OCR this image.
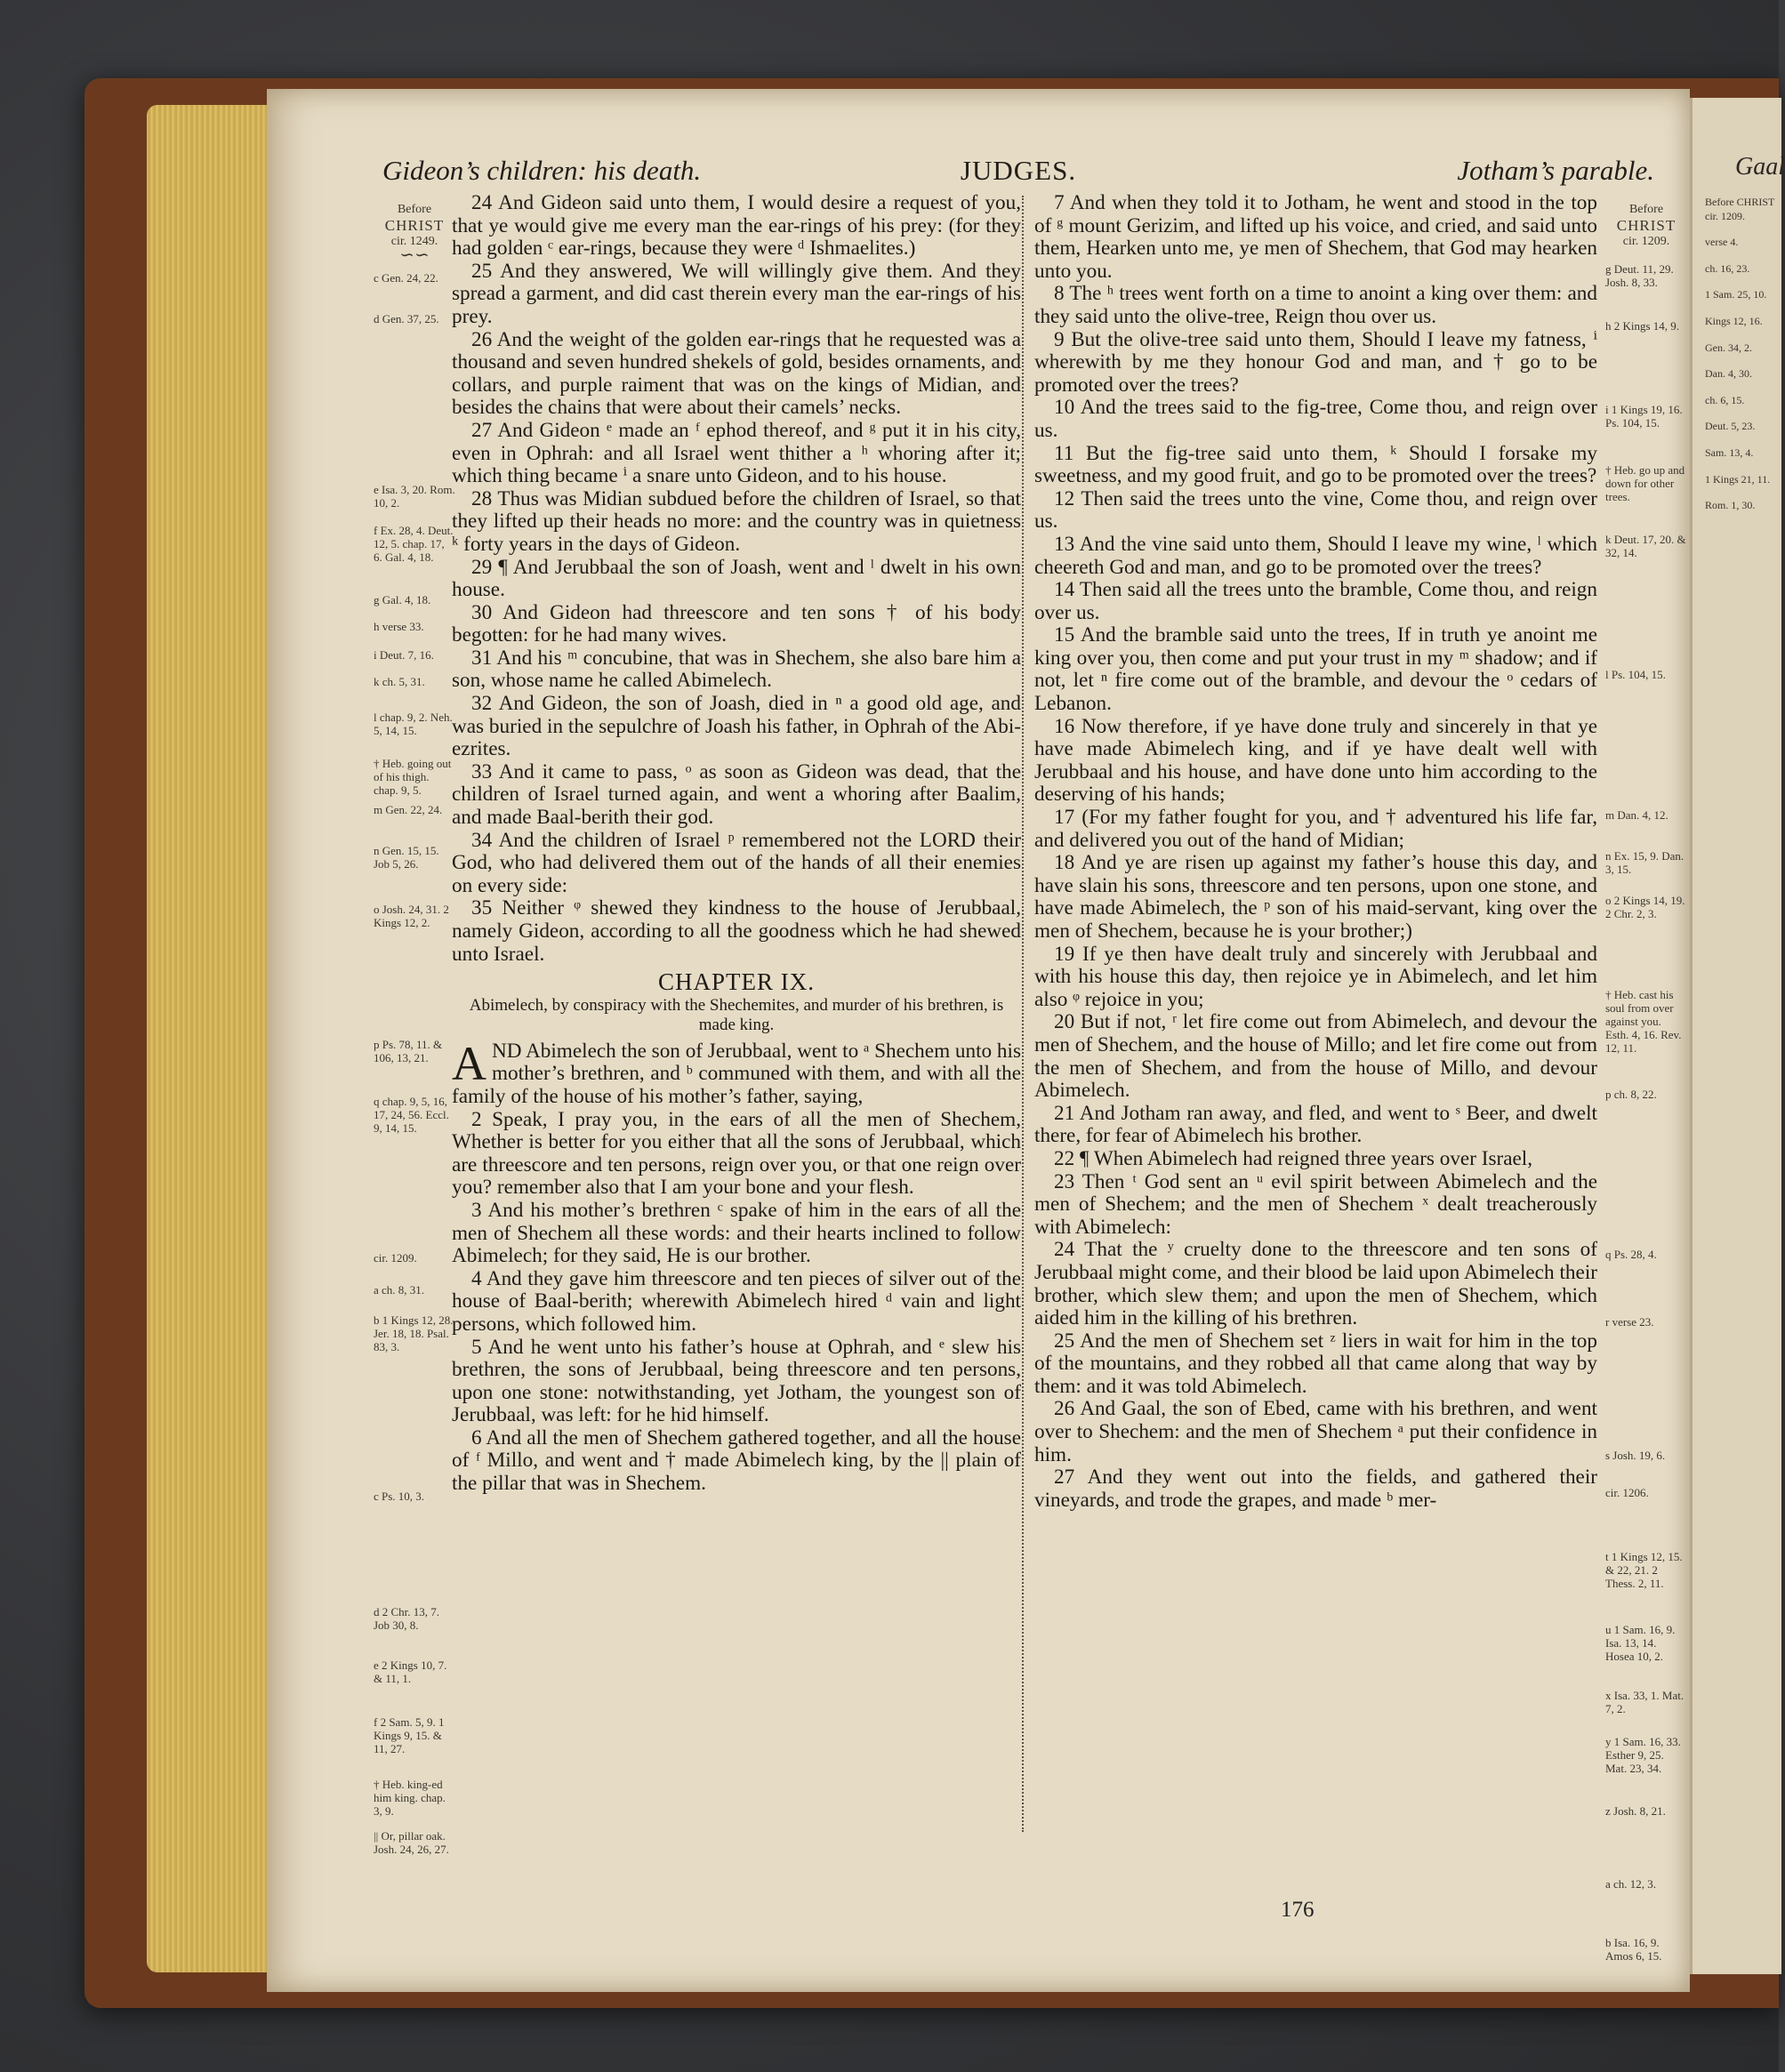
Gaal
Before CHRIST cir. 1209.
verse 4.
ch. 16, 23.
1 Sam. 25, 10.
Kings 12, 16.
Gen. 34, 2.
Dan. 4, 30.
ch. 6, 15.
Deut. 5, 23.
Sam. 13, 4.
1 Kings 21, 11.
Rom. 1, 30.
Gideon’s children: his death.	JUDGES.	Jotham’s parable.
Before
CHRIST
cir. 1249.
∽∽
c Gen. 24, 22.
d Gen. 37, 25.
e Isa. 3, 20. Rom. 10, 2.
f Ex. 28, 4. Deut. 12, 5. chap. 17, 6. Gal. 4, 18.
g Gal. 4, 18.
h verse 33.
i Deut. 7, 16.
k ch. 5, 31.
l chap. 9, 2. Neh. 5, 14, 15.
† Heb. going out of his thigh. chap. 9, 5.
m Gen. 22, 24.
n Gen. 15, 15. Job 5, 26.
o Josh. 24, 31. 2 Kings 12, 2.
p Ps. 78, 11. & 106, 13, 21.
q chap. 9, 5, 16, 17, 24, 56. Eccl. 9, 14, 15.
cir. 1209.
a ch. 8, 31.
b 1 Kings 12, 28. Jer. 18, 18. Psal. 83, 3.
c Ps. 10, 3.
d 2 Chr. 13, 7. Job 30, 8.
e 2 Kings 10, 7. & 11, 1.
f 2 Sam. 5, 9. 1 Kings 9, 15. & 11, 27.
† Heb. king-ed him king. chap. 3, 9.
|| Or, pillar oak. Josh. 24, 26, 27.

24 And Gideon said unto them, I would desire a request of you, that ye would give me every man the ear-rings of his prey: (for they had golden ᶜ ear-rings, because they were ᵈ Ishmaelites.)

25 And they answered, We will willingly give them. And they spread a garment, and did cast therein every man the ear-rings of his prey.

26 And the weight of the golden ear-rings that he requested was a thousand and seven hundred shekels of gold, besides ornaments, and collars, and purple raiment that was on the kings of Midian, and besides the chains that were about their camels’ necks.

27 And Gideon ᵉ made an ᶠ ephod thereof, and ᵍ put it in his city, even in Ophrah: and all Israel went thither a ʰ whoring after it; which thing became ⁱ a snare unto Gideon, and to his house.

28 Thus was Midian subdued before the children of Israel, so that they lifted up their heads no more: and the country was in quietness ᵏ forty years in the days of Gideon.

29 ¶ And Jerubbaal the son of Joash, went and ˡ dwelt in his own house.

30 And Gideon had threescore and ten sons † of his body begotten: for he had many wives.

31 And his ᵐ concubine, that was in Shechem, she also bare him a son, whose name he called Abimelech.

32 And Gideon, the son of Joash, died in ⁿ a good old age, and was buried in the sepulchre of Joash his father, in Ophrah of the Abi-ezrites.

33 And it came to pass, ᵒ as soon as Gideon was dead, that the children of Israel turned again, and went a whoring after Baalim, and made Baal-berith their god.

34 And the children of Israel ᵖ remembered not the LORD their God, who had delivered them out of the hands of all their enemies on every side:

35 Neither ᵠ shewed they kindness to the house of Jerubbaal, namely Gideon, according to all the goodness which he had shewed unto Israel.

CHAPTER IX.
Abimelech, by conspiracy with the Shechemites, and murder of his brethren, is made king.

AND Abimelech the son of Jerubbaal, went to ᵃ Shechem unto his mother’s brethren, and ᵇ communed with them, and with all the family of the house of his mother’s father, saying,

2 Speak, I pray you, in the ears of all the men of Shechem, Whether is better for you either that all the sons of Jerubbaal, which are threescore and ten persons, reign over you, or that one reign over you? remember also that I am your bone and your flesh.

3 And his mother’s brethren ᶜ spake of him in the ears of all the men of Shechem all these words: and their hearts inclined to follow Abimelech; for they said, He is our brother.

4 And they gave him threescore and ten pieces of silver out of the house of Baal-berith; wherewith Abimelech hired ᵈ vain and light persons, which followed him.

5 And he went unto his father’s house at Ophrah, and ᵉ slew his brethren, the sons of Jerubbaal, being threescore and ten persons, upon one stone: notwithstanding, yet Jotham, the youngest son of Jerubbaal, was left: for he hid himself.

6 And all the men of Shechem gathered together, and all the house of ᶠ Millo, and went and † made Abimelech king, by the || plain of the pillar that was in Shechem.

7 And when they told it to Jotham, he went and stood in the top of ᵍ mount Gerizim, and lifted up his voice, and cried, and said unto them, Hearken unto me, ye men of Shechem, that God may hearken unto you.

8 The ʰ trees went forth on a time to anoint a king over them: and they said unto the olive-tree, Reign thou over us.

9 But the olive-tree said unto them, Should I leave my fatness, ⁱ wherewith by me they honour God and man, and † go to be promoted over the trees?

10 And the trees said to the fig-tree, Come thou, and reign over us.

11 But the fig-tree said unto them, ᵏ Should I forsake my sweetness, and my good fruit, and go to be promoted over the trees?

12 Then said the trees unto the vine, Come thou, and reign over us.

13 And the vine said unto them, Should I leave my wine, ˡ which cheereth God and man, and go to be promoted over the trees?

14 Then said all the trees unto the bramble, Come thou, and reign over us.

15 And the bramble said unto the trees, If in truth ye anoint me king over you, then come and put your trust in my ᵐ shadow; and if not, let ⁿ fire come out of the bramble, and devour the ᵒ cedars of Lebanon.

16 Now therefore, if ye have done truly and sincerely in that ye have made Abimelech king, and if ye have dealt well with Jerubbaal and his house, and have done unto him according to the deserving of his hands;

17 (For my father fought for you, and † adventured his life far, and delivered you out of the hand of Midian;

18 And ye are risen up against my father’s house this day, and have slain his sons, threescore and ten persons, upon one stone, and have made Abimelech, the ᵖ son of his maid-servant, king over the men of Shechem, because he is your brother;)

19 If ye then have dealt truly and sincerely with Jerubbaal and with his house this day, then rejoice ye in Abimelech, and let him also ᵠ rejoice in you;

20 But if not, ʳ let fire come out from Abimelech, and devour the men of Shechem, and the house of Millo; and let fire come out from the men of Shechem, and from the house of Millo, and devour Abimelech.

21 And Jotham ran away, and fled, and went to ˢ Beer, and dwelt there, for fear of Abimelech his brother.

22 ¶ When Abimelech had reigned three years over Israel,

23 Then ᵗ God sent an ᵘ evil spirit between Abimelech and the men of Shechem; and the men of Shechem ˣ dealt treacherously with Abimelech:

24 That the ʸ cruelty done to the threescore and ten sons of Jerubbaal might come, and their blood be laid upon Abimelech their brother, which slew them; and upon the men of Shechem, which aided him in the killing of his brethren.

25 And the men of Shechem set ᶻ liers in wait for him in the top of the mountains, and they robbed all that came along that way by them: and it was told Abimelech.

26 And Gaal, the son of Ebed, came with his brethren, and went over to Shechem: and the men of Shechem ᵃ put their confidence in him.

27 And they went out into the fields, and gathered their vineyards, and trode the grapes, and made ᵇ mer-

Before
CHRIST
cir. 1209.
g Deut. 11, 29. Josh. 8, 33.
h 2 Kings 14, 9.
i 1 Kings 19, 16. Ps. 104, 15.
† Heb. go up and down for other trees.
k Deut. 17, 20. & 32, 14.
l Ps. 104, 15.
m Dan. 4, 12.
n Ex. 15, 9. Dan. 3, 15.
o 2 Kings 14, 19. 2 Chr. 2, 3.
† Heb. cast his soul from over against you. Esth. 4, 16. Rev. 12, 11.
p ch. 8, 22.
q Ps. 28, 4.
r verse 23.
s Josh. 19, 6.
cir. 1206.
t 1 Kings 12, 15. & 22, 21. 2 Thess. 2, 11.
u 1 Sam. 16, 9. Isa. 13, 14. Hosea 10, 2.
x Isa. 33, 1. Mat. 7, 2.
y 1 Sam. 16, 33. Esther 9, 25. Mat. 23, 34.
z Josh. 8, 21.
a ch. 12, 3.
b Isa. 16, 9. Amos 6, 15.
176
